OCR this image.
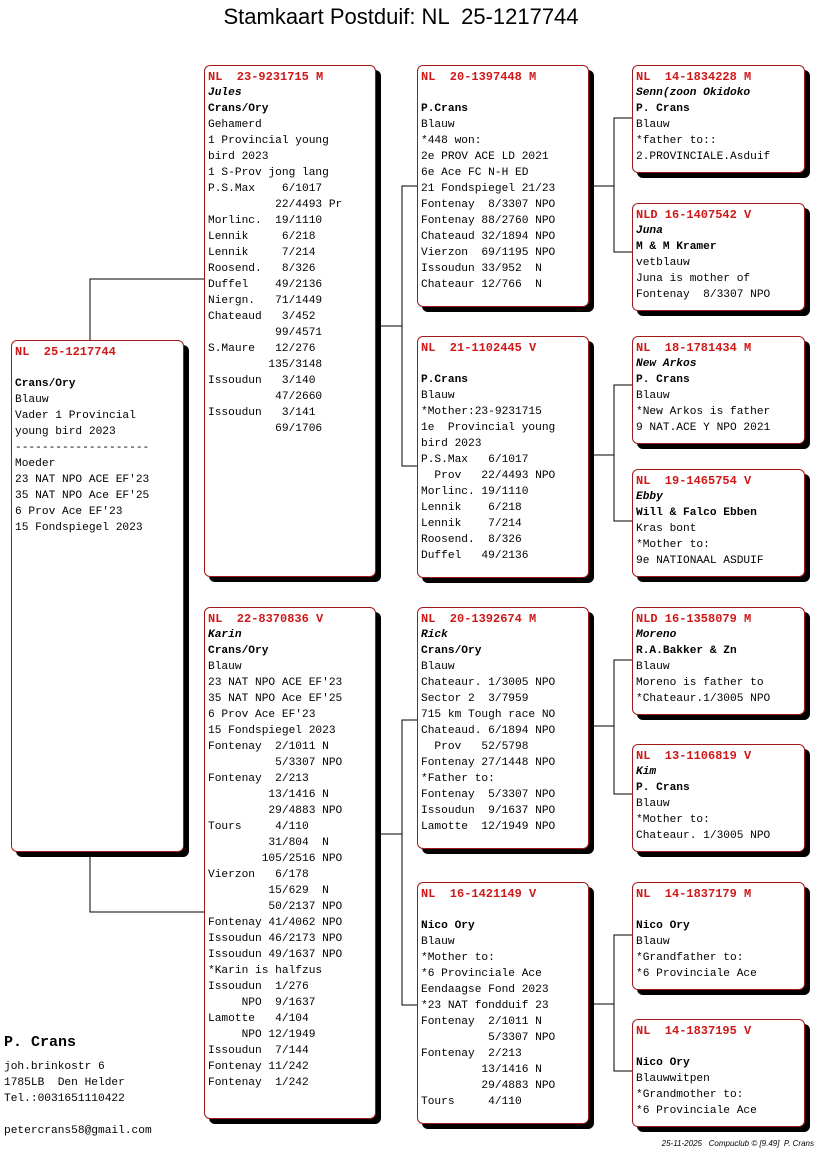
Stamkaart Postduif: NL  25-1217744
NL  25-1217744
Crans/Ory
Blauw
Vader 1 Provincial
young bird 2023
--------------------
Moeder
23 NAT NPO ACE EF'23
35 NAT NPO Ace EF'25
6 Prov Ace EF'23
15 Fondspiegel 2023
NL  23-9231715 M
Jules
Crans/Ory
Gehamerd
1 Provincial young
bird 2023
1 S-Prov jong lang
P.S.Max    6/1017
22/4493 Pr
Morlinc.  19/1110
Lennik     6/218
Lennik     7/214
Roosend.   8/326
Duffel    49/2136
Niergn.   71/1449
Chateaud   3/452
99/4571
S.Maure   12/276
135/3148
Issoudun   3/140
47/2660
Issoudun   3/141
69/1706
NL  22-8370836 V
Karin
Crans/Ory
Blauw
23 NAT NPO ACE EF'23
35 NAT NPO Ace EF'25
6 Prov Ace EF'23
15 Fondspiegel 2023
Fontenay  2/1011 N
5/3307 NPO
Fontenay  2/213
13/1416 N
29/4883 NPO
Tours     4/110
31/804  N
105/2516 NPO
Vierzon   6/178
15/629  N
50/2137 NPO
Fontenay 41/4062 NPO
Issoudun 46/2173 NPO
Issoudun 49/1637 NPO
*Karin is halfzus
Issoudun  1/276
NPO  9/1637
Lamotte   4/104
NPO 12/1949
Issoudun  7/144
Fontenay 11/242
Fontenay  1/242
NL  20-1397448 M
P.Crans
Blauw
*448 won:
2e PROV ACE LD 2021
6e Ace FC N-H ED
21 Fondspiegel 21/23
Fontenay  8/3307 NPO
Fontenay 88/2760 NPO
Chateaud 32/1894 NPO
Vierzon  69/1195 NPO
Issoudun 33/952  N
Chateaur 12/766  N
NL  21-1102445 V
P.Crans
Blauw
*Mother:23-9231715
1e  Provincial young
bird 2023
P.S.Max   6/1017
Prov   22/4493 NPO
Morlinc. 19/1110
Lennik    6/218
Lennik    7/214
Roosend.  8/326
Duffel   49/2136
NL  20-1392674 M
Rick
Crans/Ory
Blauw
Chateaur. 1/3005 NPO
Sector 2  3/7959
715 km Tough race NO
Chateaud. 6/1894 NPO
Prov   52/5798
Fontenay 27/1448 NPO
*Father to:
Fontenay  5/3307 NPO
Issoudun  9/1637 NPO
Lamotte  12/1949 NPO
NL  16-1421149 V
Nico Ory
Blauw
*Mother to:
*6 Provinciale Ace
Eendaagse Fond 2023
*23 NAT fondduif 23
Fontenay  2/1011 N
5/3307 NPO
Fontenay  2/213
13/1416 N
29/4883 NPO
Tours     4/110
NL  14-1834228 M
Senn(zoon Okidoko
P. Crans
Blauw
*father to::
2.PROVINCIALE.Asduif
NLD 16-1407542 V
Juna
M & M Kramer
vetblauw
Juna is mother of
Fontenay  8/3307 NPO
NL  18-1781434 M
New Arkos
P. Crans
Blauw
*New Arkos is father
9 NAT.ACE Y NPO 2021
NL  19-1465754 V
Ebby
Will & Falco Ebben
Kras bont
*Mother to:
9e NATIONAAL ASDUIF
NLD 16-1358079 M
Moreno
R.A.Bakker & Zn
Blauw
Moreno is father to
*Chateaur.1/3005 NPO
NL  13-1106819 V
Kim
P. Crans
Blauw
*Mother to:
Chateaur. 1/3005 NPO
NL  14-1837179 M
Nico Ory
Blauw
*Grandfather to:
*6 Provinciale Ace
NL  14-1837195 V
Nico Ory
Blauwwitpen
*Grandmother to:
*6 Provinciale Ace
P. Crans
joh.brinkostr 6
1785LB  Den Helder
Tel.:0031651110422
petercrans58@gmail.com
25-11-2025   Compuclub © [9.49]  P. Crans
